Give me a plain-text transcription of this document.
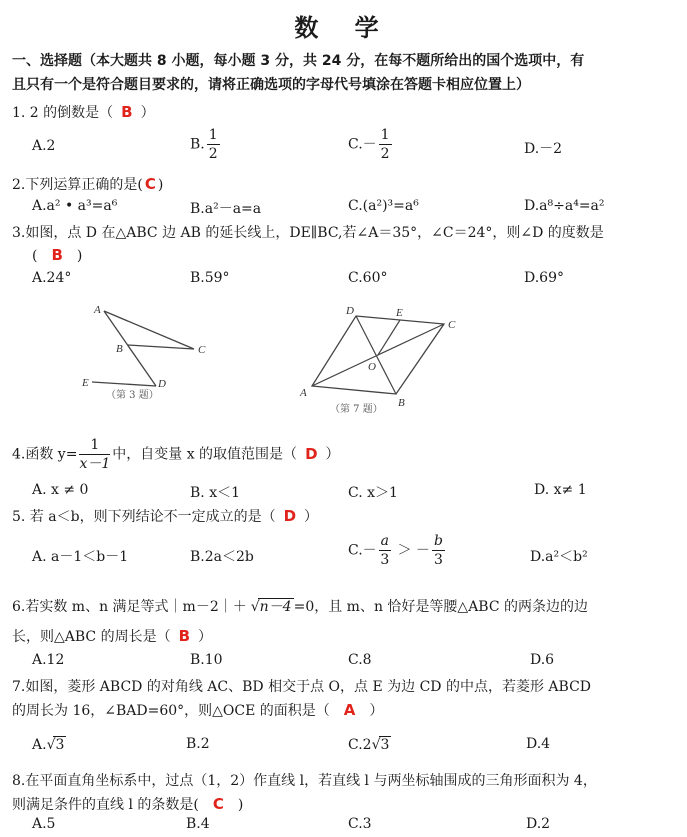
数 学
一、选择题（本大题共 8 小题，每小题 3 分，共 24 分，在每不题所给出的国个选项中，有
且只有一个是符合题目要求的，请将正确选项的字母代号填涂在答题卡相应位置上）
1. 2 的倒数是（ B ）
A.2	B. $\frac{1}{2}$	$C.- \frac{1}{2}$	D.－2
2.下列运算正确的是( C )
A.a² • a³=a⁶	B.a²－a=a	C.(a²)³=a⁶	D.a⁸÷a⁴=a²
3.如图，点 D 在△ABC 边 AB 的延长线上，DE∥BC,若∠A＝35°，∠C＝24°，则∠D 的度数是
( B )
A.24°	B.59°	C.60°	D.69°
A
B	C
D
E
（第 3 题）
D	E
C
O
A
B
（第 7 题）
4.函数 $y= \frac{1}{x-1}$ 中，自变量 x 的取值范围是（ D ）
A. x ≠ 0	B. x＜1	C. x＞1	D. x≠ 1
5. 若 a＜b，则下列结论不一定成立的是（ D ）
A. a－1＜b－1	B.2a＜2b	$C.- \frac{a}{3}$ ＞ － $\frac{b}{3}$	D.a²＜b²
6.若实数 m、n 满足等式｜m－2｜＋ √n－4 =0，且 m、n 恰好是等腰△ABC 的两条边的边
长，则△ABC 的周长是（ B ）
A.12	B.10	C.8	D.6
7.如图，菱形 ABCD 的对角线 AC、BD 相交于点 O，点 E 为边 CD 的中点，若菱形 ABCD
的周长为 16，∠BAD=60°，则△OCE 的面积是（ A ）
A.√3	B.2	C.2√3	D.4
8.在平面直角坐标系中，过点（1，2）作直线 l，若直线 l 与两坐标轴围成的三角形面积为 4，
则满足条件的直线 l 的条数是( C )
A.5	B.4	C.3	D.2
